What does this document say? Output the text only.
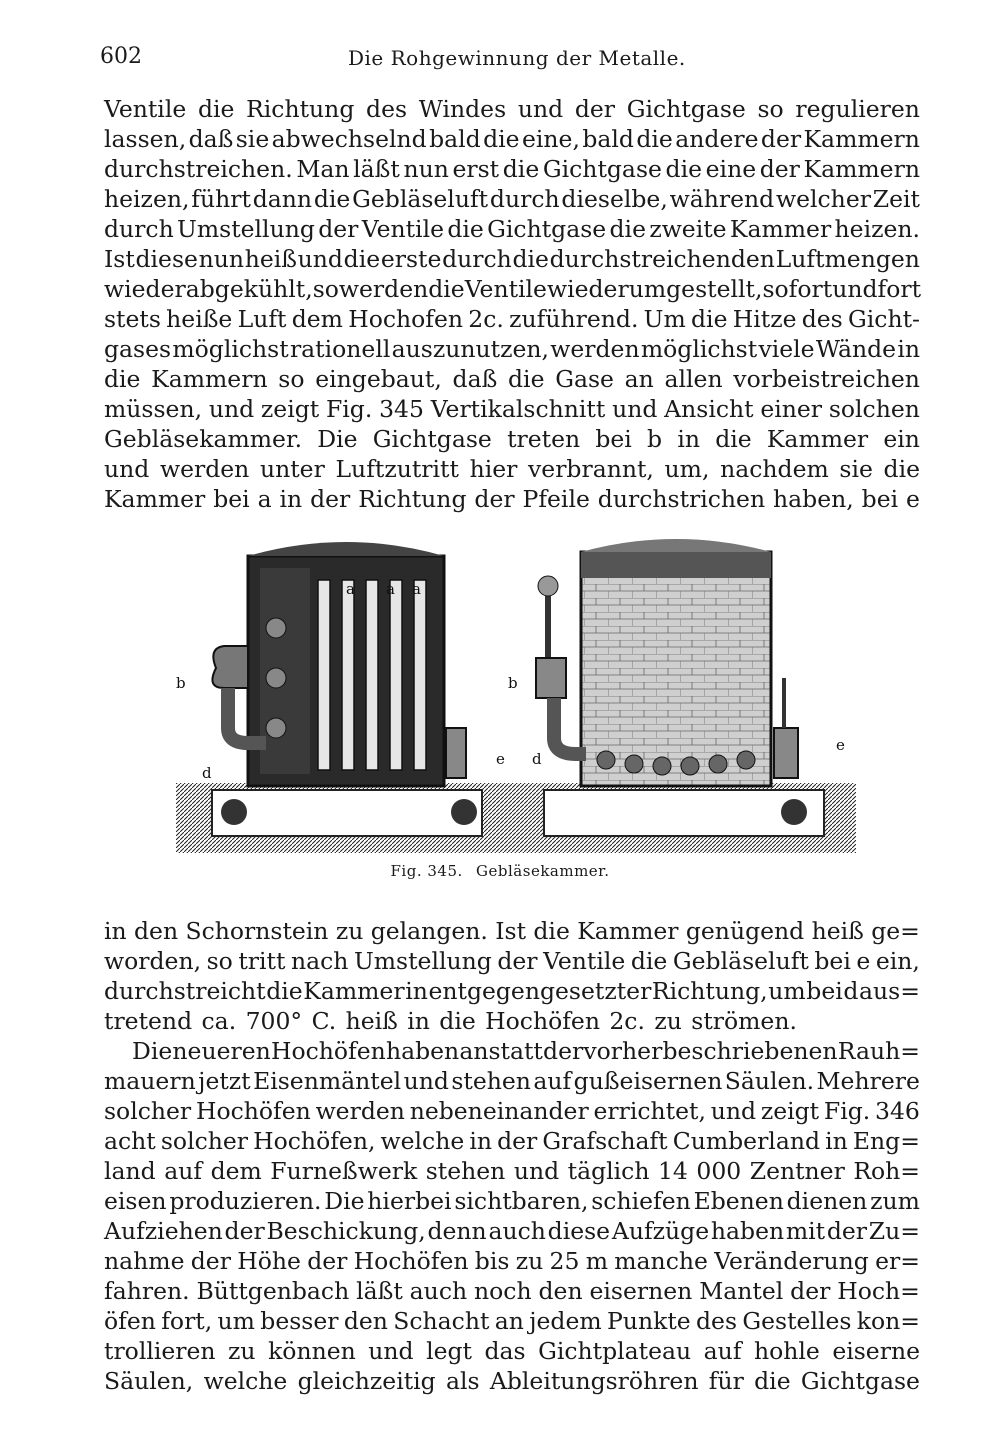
602	Die Rohgewinnung der Metalle.
Ventile die Richtung des Windes und der Gichtgase so regulieren
lassen, daß sie abwechselnd bald die eine, bald die andere der Kammern
durchstreichen. Man läßt nun erst die Gichtgase die eine der Kammern
heizen, führt dann die Gebläseluft durch dieselbe, während welcher Zeit
durch Umstellung der Ventile die Gichtgase die zweite Kammer heizen.
Ist diese nun heiß und die erste durch die durchstreichenden Luftmengen
wieder abgekühlt, so werden die Ventile wieder umgestellt, so fort und fort
stets heiße Luft dem Hochofen 2c. zuführend. Um die Hitze des Gicht-
gases möglichst rationell auszunutzen, werden möglichst viele Wände in
die Kammern so eingebaut, daß die Gase an allen vorbeistreichen
müssen, und zeigt Fig. 345 Vertikalschnitt und Ansicht einer solchen
Gebläsekammer. Die Gichtgase treten bei b in die Kammer ein
und werden unter Luftzutritt hier verbrannt, um, nachdem sie die
Kammer bei a in der Richtung der Pfeile durchstrichen haben, bei e
a a a
b
d
e
b
d
e
Fig. 345. Gebläsekammer.
in den Schornstein zu gelangen. Ist die Kammer genügend heiß ge=
worden, so tritt nach Umstellung der Ventile die Gebläseluft bei e ein,
durchstreicht die Kammer in entgegengesetzter Richtung, um bei d aus=
tretend ca. 700° C. heiß in die Hochöfen 2c. zu strömen.
Die neueren Hochöfen haben anstatt der vorher beschriebenen Rauh=
mauern jetzt Eisenmäntel und stehen auf gußeisernen Säulen. Mehrere
solcher Hochöfen werden nebeneinander errichtet, und zeigt Fig. 346
acht solcher Hochöfen, welche in der Grafschaft Cumberland in Eng=
land auf dem Furneßwerk stehen und täglich 14 000 Zentner Roh=
eisen produzieren. Die hierbei sichtbaren, schiefen Ebenen dienen zum
Aufziehen der Beschickung, denn auch diese Aufzüge haben mit der Zu=
nahme der Höhe der Hochöfen bis zu 25 m manche Veränderung er=
fahren. Büttgenbach läßt auch noch den eisernen Mantel der Hoch=
öfen fort, um besser den Schacht an jedem Punkte des Gestelles kon=
trollieren zu können und legt das Gichtplateau auf hohle eiserne
Säulen, welche gleichzeitig als Ableitungsröhren für die Gichtgase
